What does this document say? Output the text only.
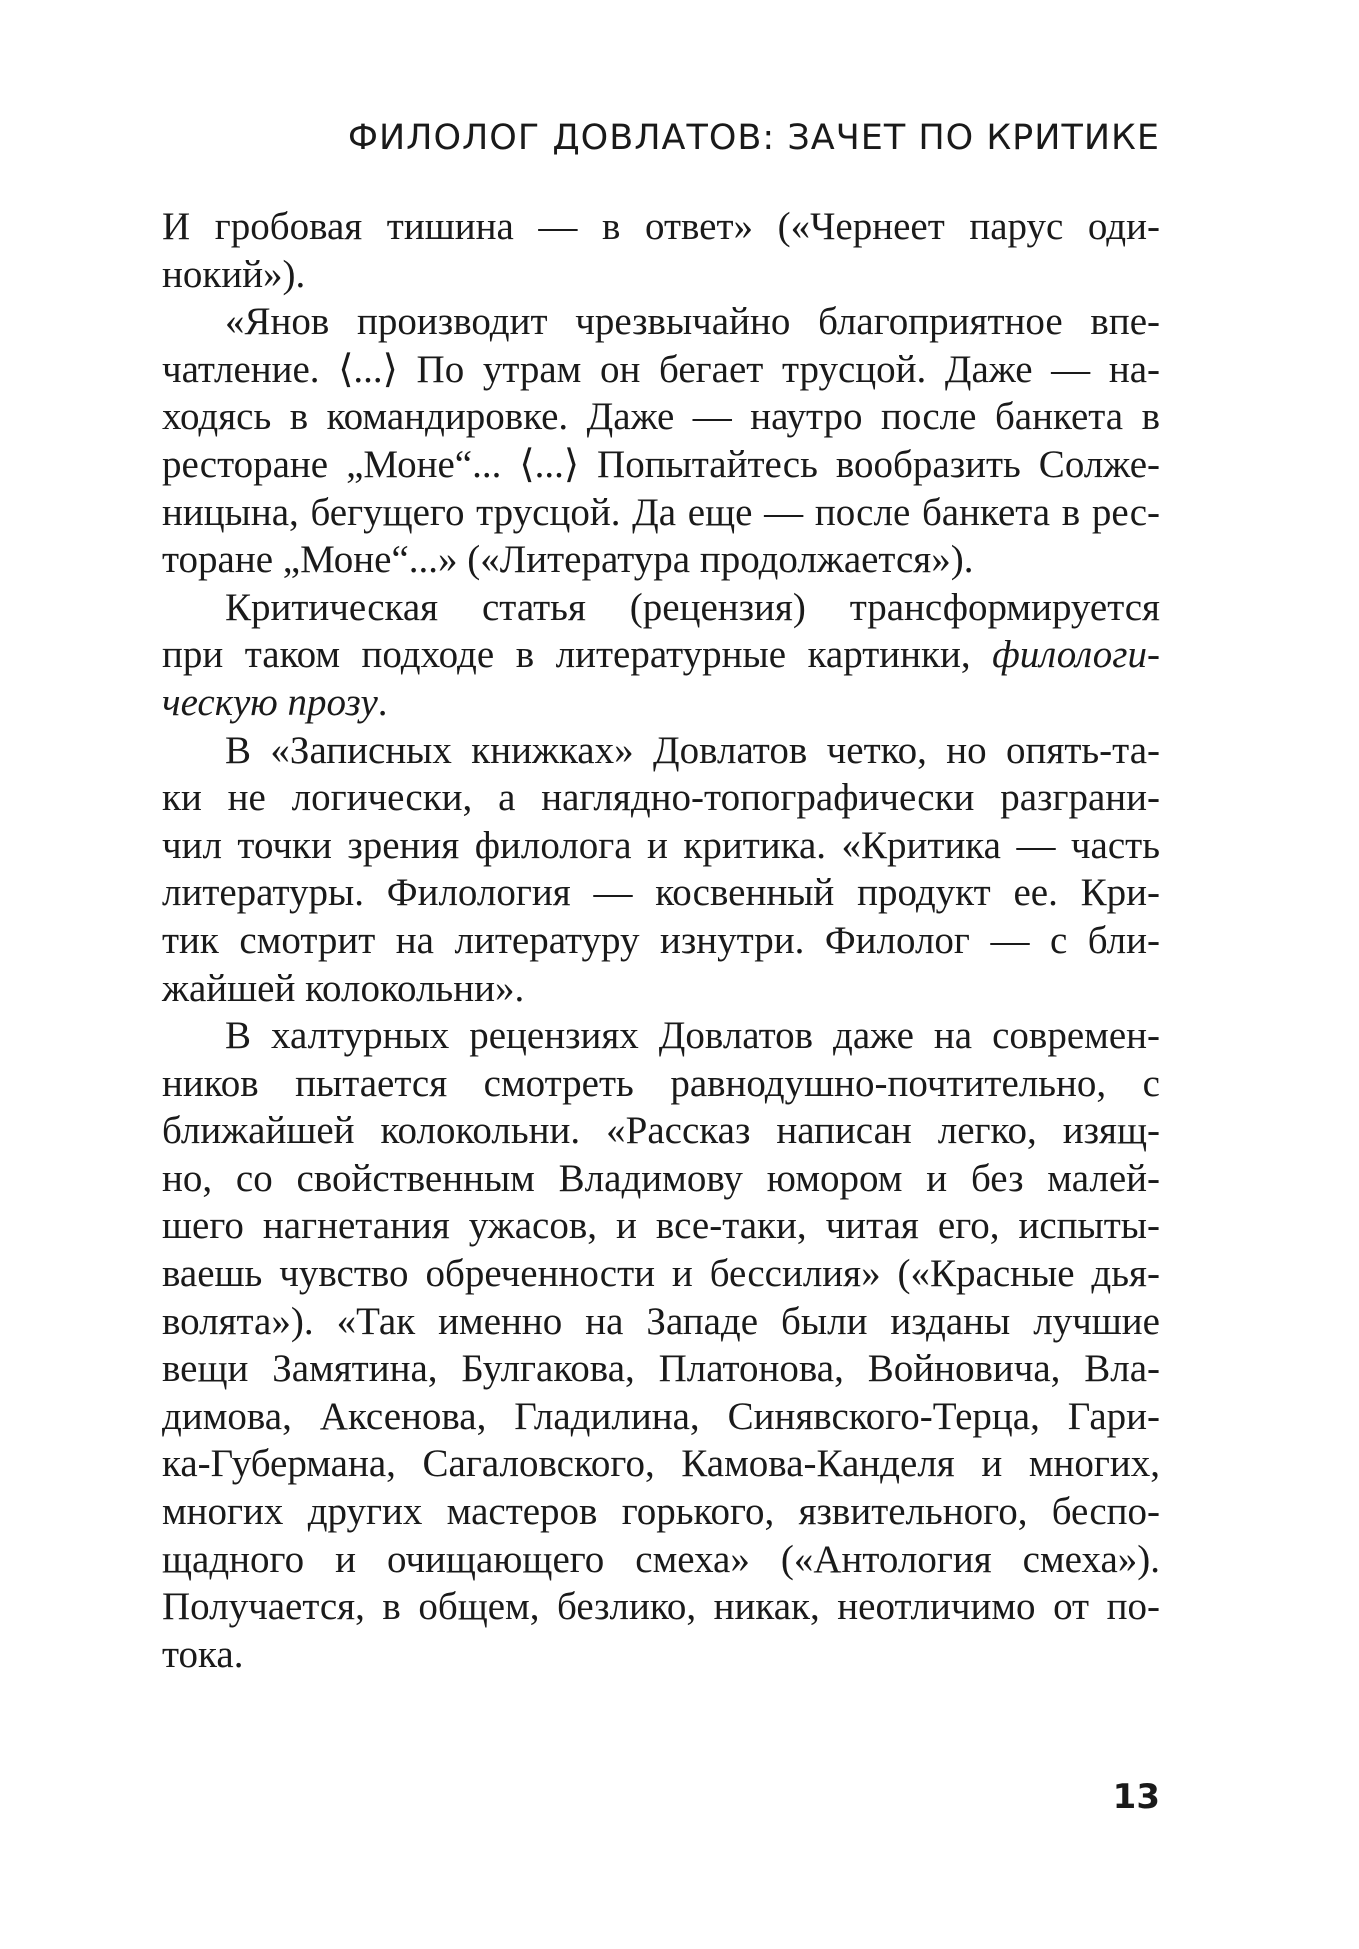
ФИЛОЛОГ ДОВЛАТОВ: ЗАЧЕТ ПО КРИТИКЕ
И гробовая тишина — в ответ» («Чернеет парус оди-
нокий»).
«Янов производит чрезвычайно благоприятное впе-
чатление. ⟨...⟩ По утрам он бегает трусцой. Даже — на-
ходясь в командировке. Даже — наутро после банкета в
ресторане „Моне“... ⟨...⟩ Попытайтесь вообразить Солже-
ницына, бегущего трусцой. Да еще — после банкета в рес-
торане „Моне“...» («Литература продолжается»).
Критическая статья (рецензия) трансформируется
при таком подходе в литературные картинки, филологи-
ческую прозу.
В «Записных книжках» Довлатов четко, но опять-та-
ки не логически, а наглядно-топографически разграни-
чил точки зрения филолога и критика. «Критика — часть
литературы. Филология — косвенный продукт ее. Кри-
тик смотрит на литературу изнутри. Филолог — с бли-
жайшей колокольни».
В халтурных рецензиях Довлатов даже на современ-
ников пытается смотреть равнодушно-почтительно, с
ближайшей колокольни. «Рассказ написан легко, изящ-
но, со свойственным Владимову юмором и без малей-
шего нагнетания ужасов, и все-таки, читая его, испыты-
ваешь чувство обреченности и бессилия» («Красные дья-
волята»). «Так именно на Западе были изданы лучшие
вещи Замятина, Булгакова, Платонова, Войновича, Вла-
димова, Аксенова, Гладилина, Синявского-Терца, Гари-
ка-Губермана, Сагаловского, Камова-Канделя и многих,
многих других мастеров горького, язвительного, беспо-
щадного и очищающего смеха» («Антология смеха»).
Получается, в общем, безлико, никак, неотличимо от по-
тока.
13
